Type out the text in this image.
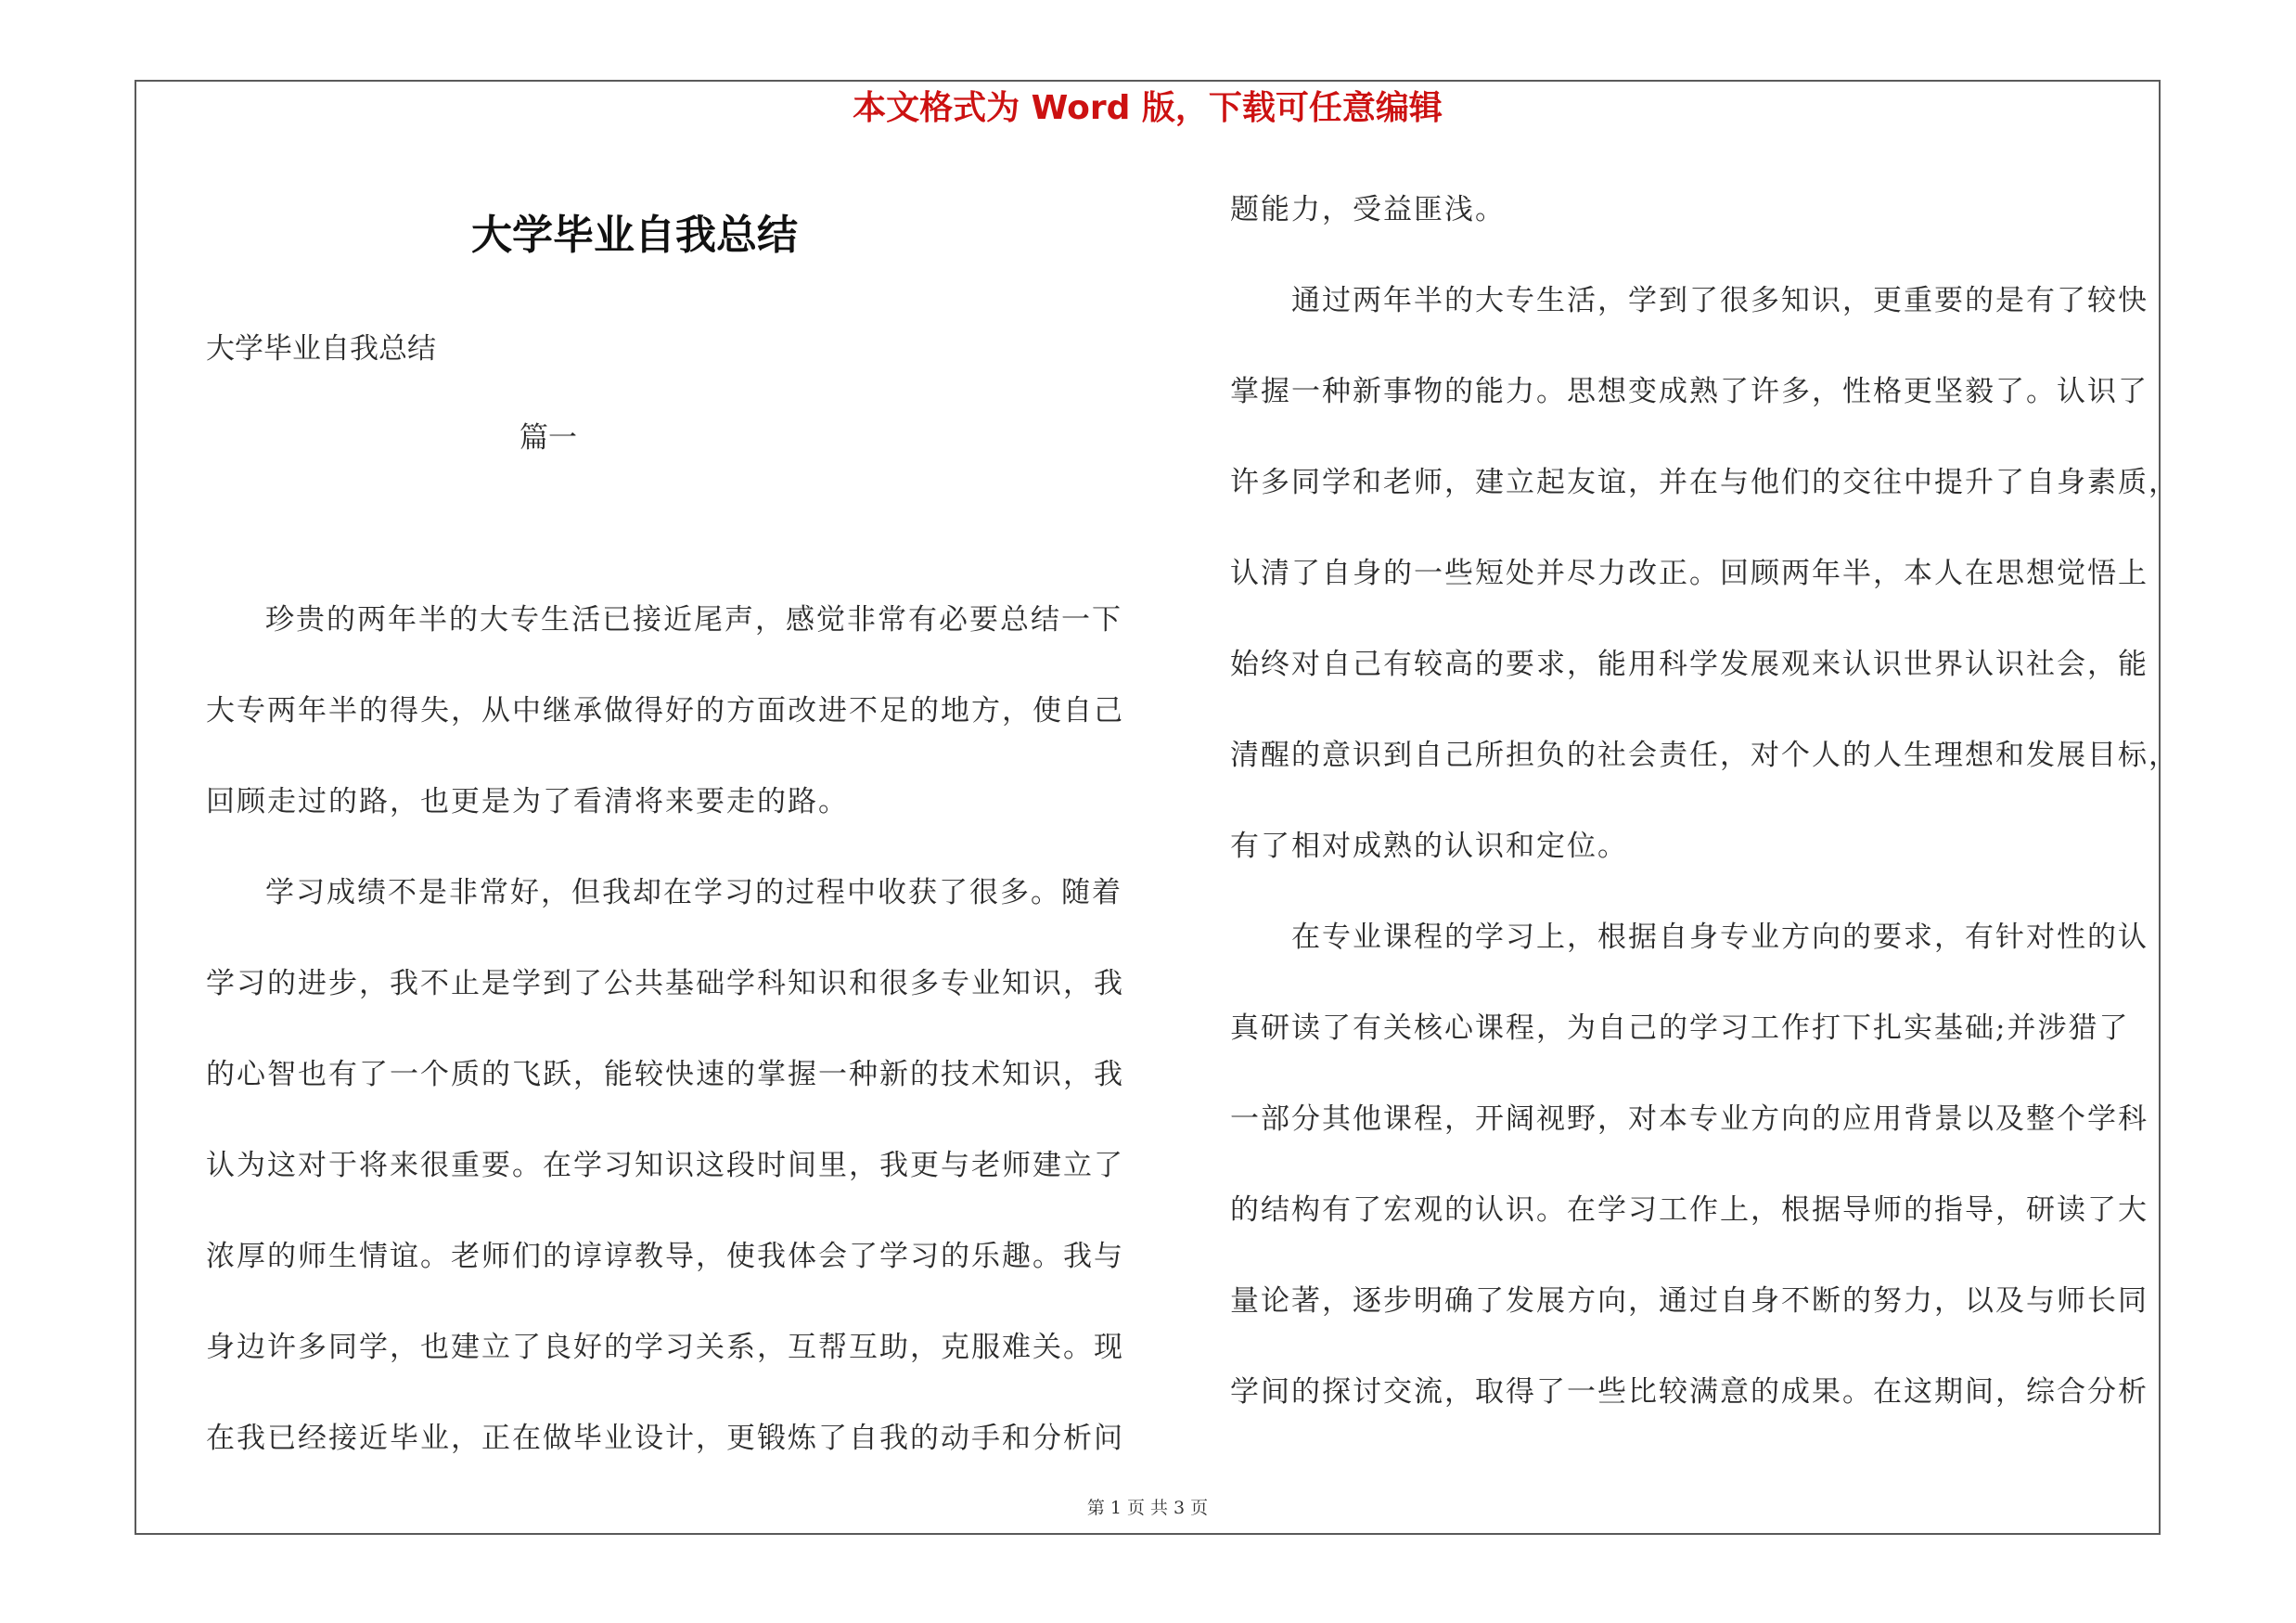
本文格式为 Word 版，下载可任意编辑
大学毕业自我总结
大学毕业自我总结
篇一
珍贵的两年半的大专生活已接近尾声，感觉非常有必要总结一下
大专两年半的得失，从中继承做得好的方面改进不足的地方，使自己
回顾走过的路，也更是为了看清将来要走的路。
学习成绩不是非常好，但我却在学习的过程中收获了很多。随着
学习的进步，我不止是学到了公共基础学科知识和很多专业知识，我
的心智也有了一个质的飞跃，能较快速的掌握一种新的技术知识，我
认为这对于将来很重要。在学习知识这段时间里，我更与老师建立了
浓厚的师生情谊。老师们的谆谆教导，使我体会了学习的乐趣。我与
身边许多同学，也建立了良好的学习关系，互帮互助，克服难关。现
在我已经接近毕业，正在做毕业设计，更锻炼了自我的动手和分析问
题能力，受益匪浅。
通过两年半的大专生活，学到了很多知识，更重要的是有了较快
掌握一种新事物的能力。思想变成熟了许多，性格更坚毅了。认识了
许多同学和老师，建立起友谊，并在与他们的交往中提升了自身素质，
认清了自身的一些短处并尽力改正。回顾两年半，本人在思想觉悟上
始终对自己有较高的要求，能用科学发展观来认识世界认识社会，能
清醒的意识到自己所担负的社会责任，对个人的人生理想和发展目标，
有了相对成熟的认识和定位。
在专业课程的学习上，根据自身专业方向的要求，有针对性的认
真研读了有关核心课程，为自己的学习工作打下扎实基础;并涉猎了
一部分其他课程，开阔视野，对本专业方向的应用背景以及整个学科
的结构有了宏观的认识。在学习工作上，根据导师的指导，研读了大
量论著，逐步明确了发展方向，通过自身不断的努力，以及与师长同
学间的探讨交流，取得了一些比较满意的成果。在这期间，综合分析
第 1 页 共 3 页
